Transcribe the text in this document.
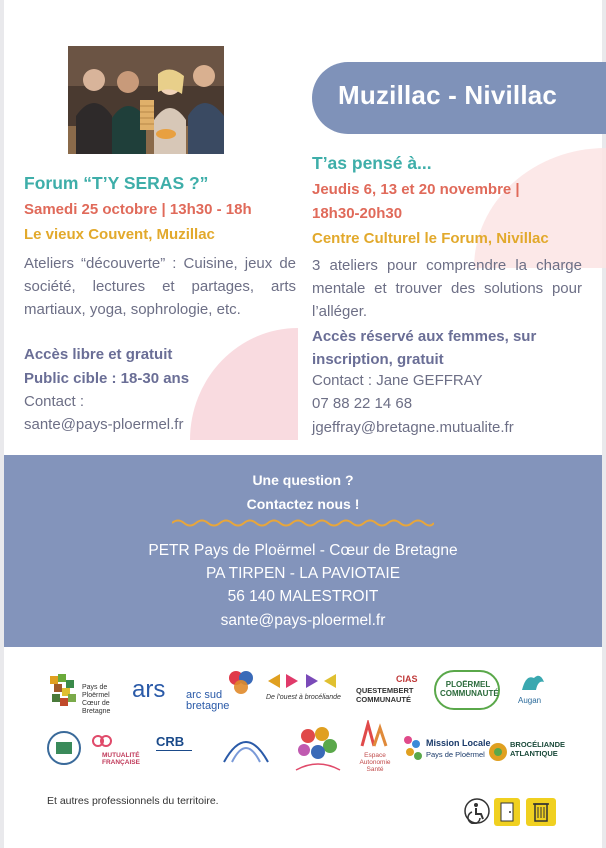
Muzillac - Nivillac
Forum “T’Y SERAS ?”
Samedi 25 octobre | 13h30 - 18h
Le vieux Couvent, Muzillac
Ateliers “découverte” : Cuisine, jeux de société, lectures et partages, arts martiaux, yoga, sophrologie, etc.
Accès libre et gratuit
Public cible : 18-30 ans
Contact :
sante@pays-ploermel.fr
T’as pensé à...
Jeudis 6, 13 et 20 novembre |
18h30-20h30
Centre Culturel le Forum, Nivillac
3 ateliers pour comprendre la charge mentale et trouver des solutions pour l’alléger.
Accès réservé aux femmes, sur inscription, gratuit
Contact : Jane GEFFRAY
07 88 22 14 68
jgeffray@bretagne.mutualite.fr
Une question ?
Contactez nous !
PETR Pays de Ploërmel - Cœur de Bretagne
PA TIRPEN - LA PAVIOTAIE
56 140 MALESTROIT
sante@pays-ploermel.fr
Pays de Ploërmel Cœur de Bretagne
ars	arc sud bretagne
De l'ouest à brocéliande
CIAS
QUESTEMBERT COMMUNAUTÉ
PLOËRMEL COMMUNAUTÉ
Augan
MUTUALITÉ FRANÇAISE
CRB
Espace Autonomie Santé
Mission Locale
Pays de Ploërmel
BROCÉLIANDE ATLANTIQUE
Et autres professionnels du territoire.
